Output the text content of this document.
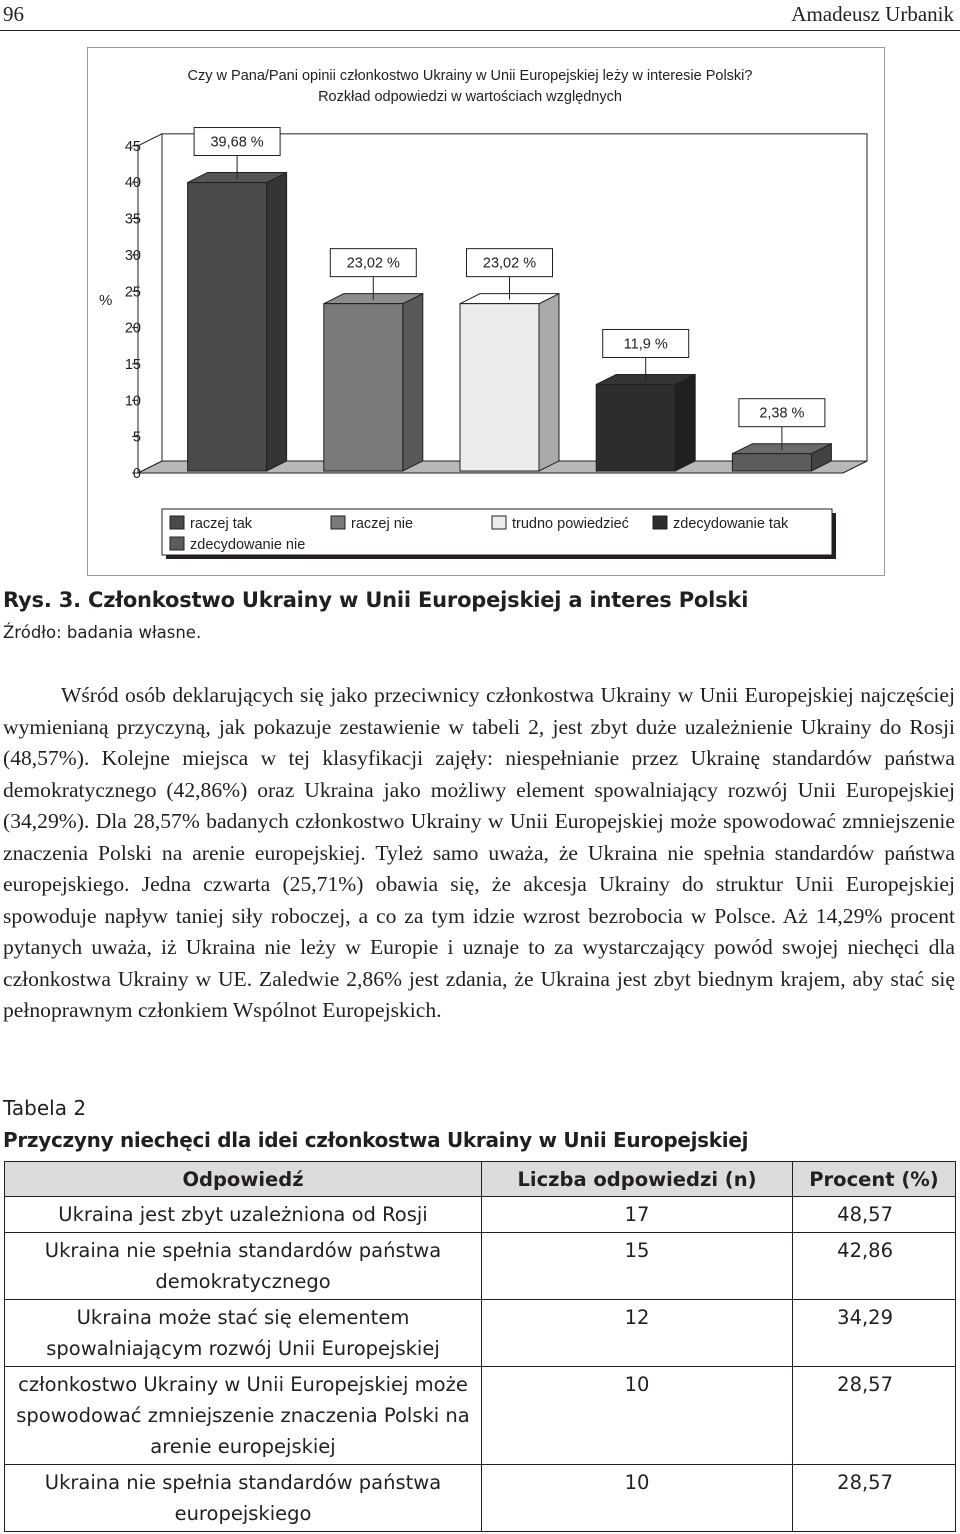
96	Amadeusz Urbanik
Czy w Pana/Pani opinii członkostwo Ukrainy w Unii Europejskiej leży w interesie Polski?
Rozkład odpowiedzi w wartościach względnych
%
0
5
10
15
20
25
30
35
40
45	39,68 %
23,02 %	23,02 %
11,9 %
2,38 %
raczej tak	raczej nie	trudno powiedzieć	zdecydowanie tak
zdecydowanie nie
Rys. 3. Członkostwo Ukrainy w Unii Europejskiej a interes Polski
Źródło: badania własne.

Wśród osób deklarujących się jako przeciwnicy członkostwa Ukrainy w Unii Europejskiej najczęściej wymienianą przyczyną, jak pokazuje zestawienie w tabeli 2, jest zbyt duże uzależnienie Ukrainy do Rosji (48,57%). Kolejne miejsca w tej klasyfikacji zajęły: niespełnianie przez Ukrainę standardów państwa demokratycznego (42,86%) oraz Ukraina jako możliwy element spowalniający rozwój Unii Europejskiej (34,29%). Dla 28,57% badanych członkostwo Ukrainy w Unii Europejskiej może spowodować zmniejszenie znaczenia Polski na arenie europejskiej. Tyleż samo uważa, że Ukraina nie spełnia standardów państwa europejskiego. Jedna czwarta (25,71%) obawia się, że akcesja Ukrainy do struktur Unii Europejskiej spowoduje napływ taniej siły roboczej, a co za tym idzie wzrost bezrobocia w Polsce. Aż 14,29% procent pytanych uważa, iż Ukraina nie leży w Europie i uznaje to za wystarczający powód swojej niechęci dla członkostwa Ukrainy w UE. Zaledwie 2,86% jest zdania, że Ukraina jest zbyt biednym krajem, aby stać się pełnoprawnym członkiem Wspólnot Europejskich.

Tabela 2
Przyczyny niechęci dla idei członkostwa Ukrainy w Unii Europejskiej
Odpowiedź	Liczba odpowiedzi (n)	Procent (%)
Ukraina jest zbyt uzależniona od Rosji	17	48,57
Ukraina nie spełnia standardów państwa demokratycznego	15	42,86
Ukraina może stać się elementem spowalniającym rozwój Unii Europejskiej	12	34,29
członkostwo Ukrainy w Unii Europejskiej może spowodować zmniejszenie znaczenia Polski na arenie europejskiej	10	28,57
Ukraina nie spełnia standardów państwa europejskiego	10	28,57
